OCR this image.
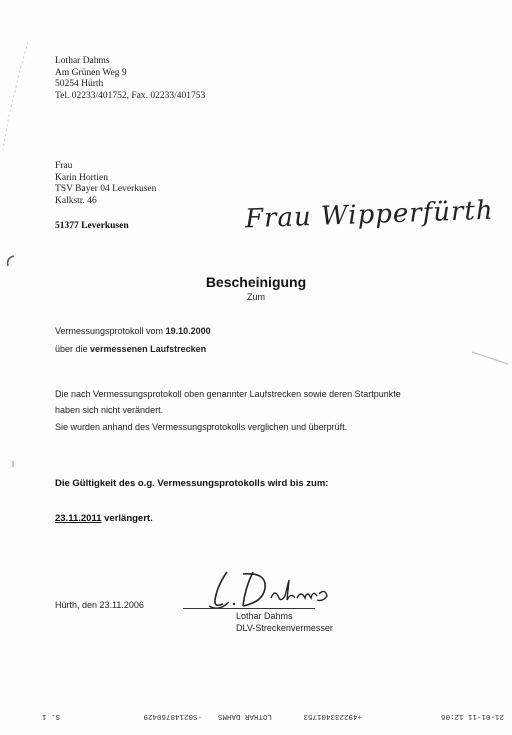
Lothar Dahms
Am Grünen Weg 9
50254 Hürth
Tel. 02233/401752, Fax. 02233/401753
Frau
Karin Hortien
TSV Bayer 04 Leverkusen
Kalkstr. 46
51377 Leverkusen	Frau Wipperfürth
Bescheinigung
Zum
Vermessungsprotokoll vom 19.10.2000
über die vermessenen Laufstrecken
Die nach Vermessungsprotokoll oben genannter Laufstrecken sowie deren Startpunkte
haben sich nicht verändert.
Sie wurden anhand des Vermessungsprotokolls verglichen und überprüft.
Die Gültigkeit des o.g. Vermessungsprotokolls wird bis zum:
23.11.2011 verlängert.
Hürth, den 23.11.2006
Lothar Dahms
DLV-Streckenvermesser
21-01-11 12:06
+4922334017​53
LOTHAR DAHMS
-S0214876042​9
S. 1
